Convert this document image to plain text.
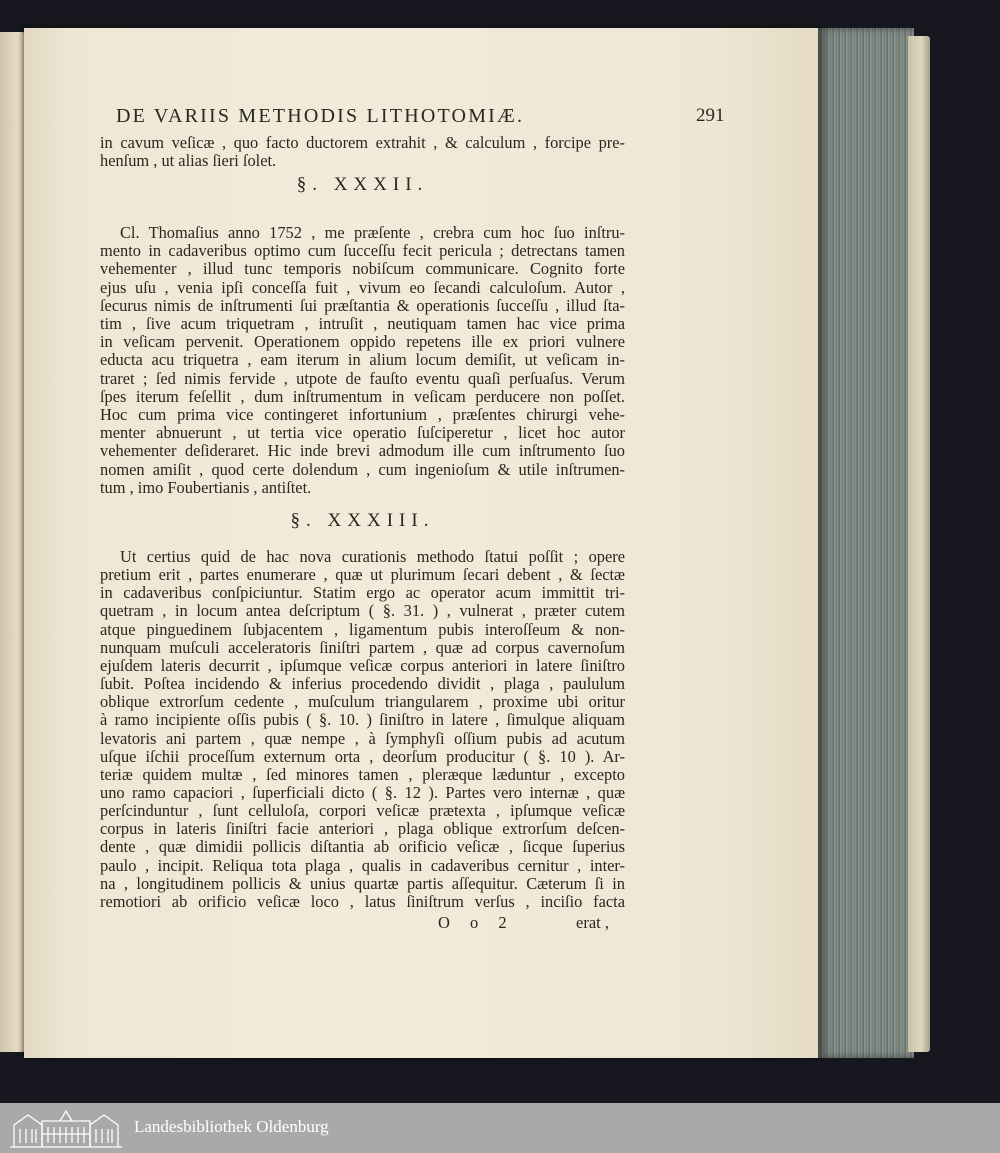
DE VARIIS METHODIS LITHOTOMIÆ.	291
in cavum veſicæ , quo facto ductorem extrahit , & calculum , forcipe pre-
henſum , ut alias ſieri ſolet.
§. XXXII.
Cl. Thomaſius anno 1752 , me præſente , crebra cum hoc ſuo inſtru-
mento in cadaveribus optimo cum ſucceſſu fecit pericula ; detrectans tamen
vehementer , illud tunc temporis nobiſcum communicare. Cognito forte
ejus uſu , venia ipſi conceſſa fuit , vivum eo ſecandi calculoſum. Autor ,
ſecurus nimis de inſtrumenti ſui præſtantia & operationis ſucceſſu , illud ſta-
tim , ſive acum triquetram , intruſit , neutiquam tamen hac vice prima
in veſicam pervenit. Operationem oppido repetens ille ex priori vulnere
educta acu triquetra , eam iterum in alium locum demiſit, ut veſicam in-
traret ; ſed nimis fervide , utpote de fauſto eventu quaſi perſuaſus. Verum
ſpes iterum feſellit , dum inſtrumentum in veſicam perducere non poſſet.
Hoc cum prima vice contingeret infortunium , præſentes chirurgi vehe-
menter abnuerunt , ut tertia vice operatio ſuſciperetur , licet hoc autor
vehementer deſideraret. Hic inde brevi admodum ille cum inſtrumento ſuo
nomen amiſit , quod certe dolendum , cum ingenioſum & utile inſtrumen-
tum , imo Foubertianis , antiſtet.
§. XXXIII.
Ut certius quid de hac nova curationis methodo ſtatui poſſit ; opere
pretium erit , partes enumerare , quæ ut plurimum ſecari debent , & ſectæ
in cadaveribus conſpiciuntur. Statim ergo ac operator acum immittit tri-
quetram , in locum antea deſcriptum ( §. 31. ) , vulnerat , præter cutem
atque pinguedinem ſubjacentem , ligamentum pubis interoſſeum & non-
nunquam muſculi acceleratoris ſiniſtri partem , quæ ad corpus cavernoſum
ejuſdem lateris decurrit , ipſumque veſicæ corpus anteriori in latere ſiniſtro
ſubit. Poſtea incidendo & inferius procedendo dividit , plaga , paululum
oblique extrorſum cedente , muſculum triangularem , proxime ubi oritur
à ramo incipiente oſſis pubis ( §. 10. ) ſiniſtro in latere , ſimulque aliquam
levatoris ani partem , quæ nempe , à ſymphyſi oſſium pubis ad acutum
uſque iſchii proceſſum externum orta , deorſum producitur ( §. 10 ). Ar-
teriæ quidem multæ , ſed minores tamen , pleræque læduntur , excepto
uno ramo capaciori , ſuperficiali dicto ( §. 12 ). Partes vero internæ , quæ
perſcinduntur , ſunt celluloſa, corpori veſicæ prætexta , ipſumque veſicæ
corpus in lateris ſiniſtri facie anteriori , plaga oblique extrorſum deſcen-
dente , quæ dimidii pollicis diſtantia ab orificio veſicæ , ſicque ſuperius
paulo , incipit. Reliqua tota plaga , qualis in cadaveribus cernitur , inter-
na , longitudinem pollicis & unius quartæ partis aſſequitur. Cæterum ſi in
remotiori ab orificio veſicæ loco , latus ſiniſtrum verſus , inciſio facta
O o 2	erat ,
Landesbibliothek Oldenburg
